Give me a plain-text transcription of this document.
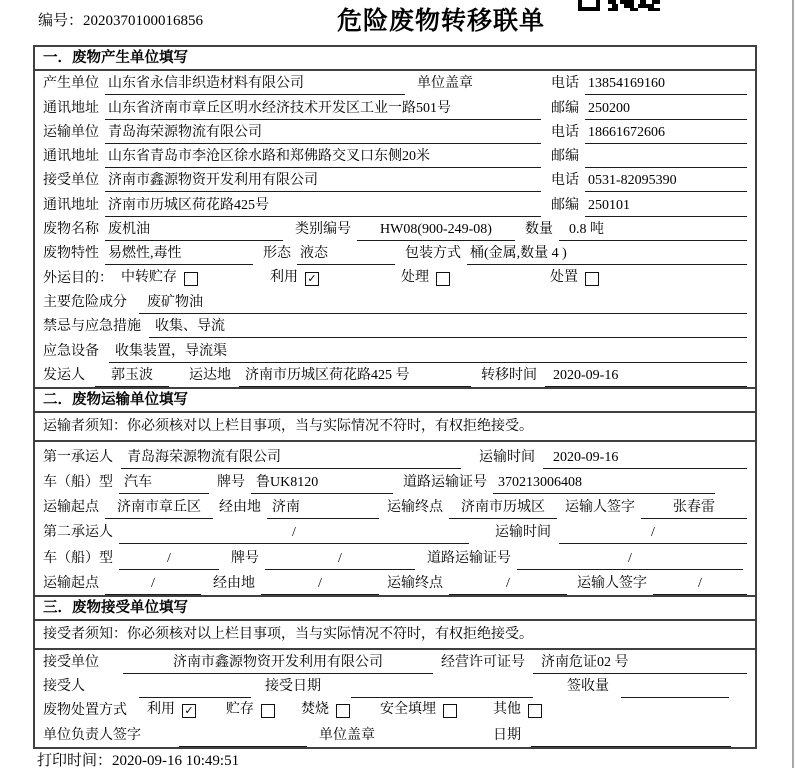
编号：2020370100016856	危险废物转移联单
一．废物产生单位填写
产生单位 山东省永信非织造材料有限公司	单位盖章	电话 13854169160
通讯地址 山东省济南市章丘区明水经济技术开发区工业一路501号	邮编 250200
运输单位 青岛海荣源物流有限公司	电话 18661672606
通讯地址 山东省青岛市李沧区徐水路和郑佛路交叉口东侧20米	邮编
接受单位 济南市鑫源物资开发利用有限公司	电话 0531-82095390
通讯地址 济南市历城区荷花路425号	邮编 250101
废物名称 废机油	类别编号	HW08(900-249-08)	数量	0.8 吨
废物特性 易燃性,毒性	形态 液态	包装方式 桶(金属,数量 4 )
外运目的： 中转贮存	利用 ✓	处理	处置
主要危险成分	废矿物油
禁忌与应急措施	收集、导流
应急设备	收集装置，导流渠
发运人	郭玉波	运达地	济南市历城区荷花路425 号	转移时间	2020-09-16
二．废物运输单位填写
运输者须知：你必须核对以上栏目事项，当与实际情况不符时，有权拒绝接受。
第一承运人	青岛海荣源物流有限公司	运输时间	2020-09-16
车（船）型 汽车	牌号 鲁UK8120	道路运输证号 370213006408
运输起点	济南市章丘区	经由地 济南	运输终点	济南市历城区	运输人签字	张春雷
第二承运人	/	运输时间	/
车（船）型	/	牌号	/	道路运输证号	/
运输起点	/	经由地	/	运输终点	/	运输人签字	/
三．废物接受单位填写
接受者须知：你必须核对以上栏目事项，当与实际情况不符时，有权拒绝接受。
接受单位	济南市鑫源物资开发利用有限公司	经营许可证号	济南危证02 号
接受人	接受日期	签收量
废物处置方式 利用 ✓ 贮存	焚烧	安全填埋	其他
单位负责人签字	单位盖章	日期
打印时间：2020-09-16 10:49:51
